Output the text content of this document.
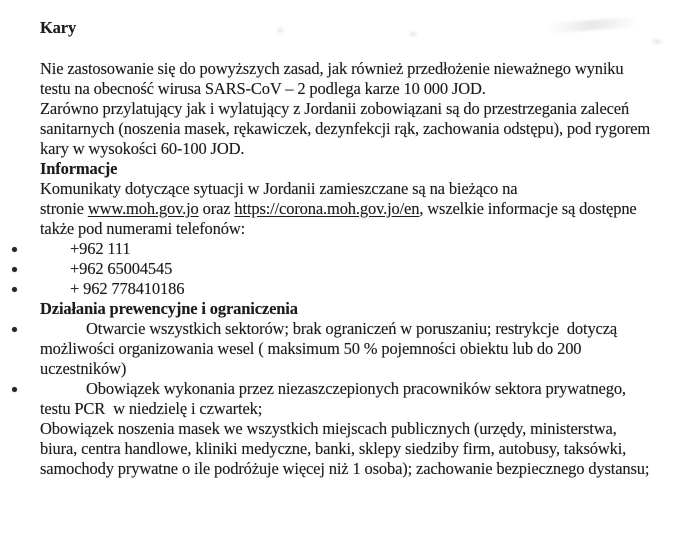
Kary
Nie zastosowanie się do powyższych zasad, jak również przedłożenie nieważnego wyniku
testu na obecność wirusa SARS-CoV – 2 podlega karze 10 000 JOD.
Zarówno przylatujący jak i wylatujący z Jordanii zobowiązani są do przestrzegania zaleceń
sanitarnych (noszenia masek, rękawiczek, dezynfekcji rąk, zachowania odstępu), pod rygorem
kary w wysokości 60-100 JOD.
Informacje
Komunikaty dotyczące sytuacji w Jordanii zamieszczane są na bieżąco na
stronie www.moh.gov.jo oraz https://corona.moh.gov.jo/en, wszelkie informacje są dostępne
także pod numerami telefonów:
+962 111
+962 65004545
+ 962 778410186
Działania prewencyjne i ograniczenia
Otwarcie wszystkich sektorów; brak ograniczeń w poruszaniu; restrykcje  dotyczą
możliwości organizowania wesel ( maksimum 50 % pojemności obiektu lub do 200
uczestników)
Obowiązek wykonania przez niezaszczepionych pracowników sektora prywatnego,
testu PCR  w niedzielę i czwartek;
Obowiązek noszenia masek we wszystkich miejscach publicznych (urzędy, ministerstwa,
biura, centra handlowe, kliniki medyczne, banki, sklepy siedziby firm, autobusy, taksówki,
samochody prywatne o ile podróżuje więcej niż 1 osoba); zachowanie bezpiecznego dystansu;
